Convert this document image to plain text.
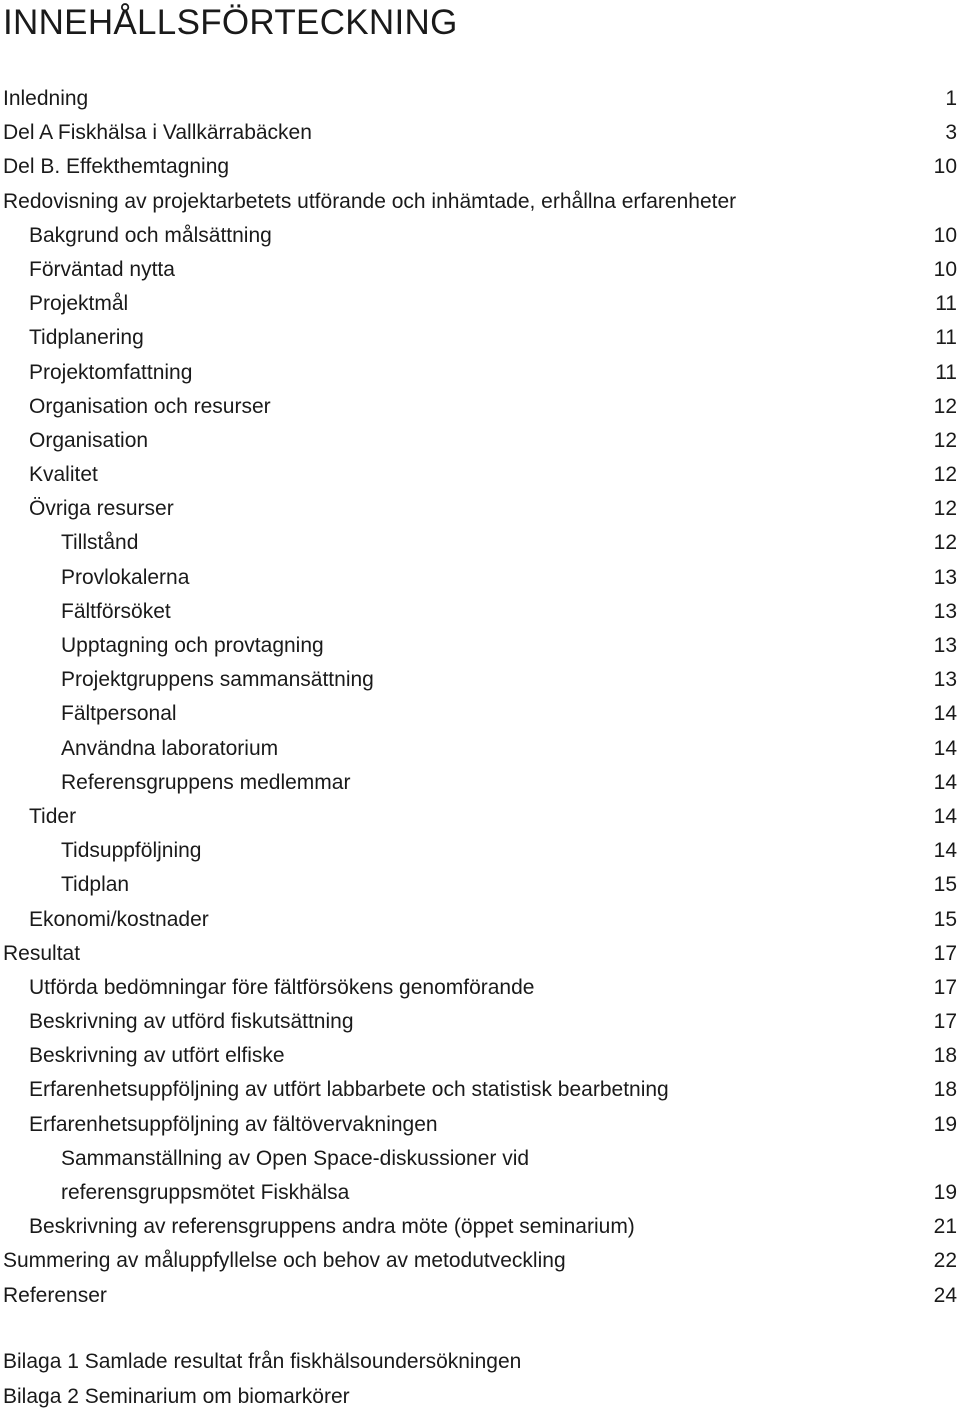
INNEHÅLLSFÖRTECKNING
Inledning	1
Del A Fiskhälsa i Vallkärrabäcken	3
Del B. Effekthemtagning	10
Redovisning av projektarbetets utförande och inhämtade, erhållna erfarenheter
Bakgrund och målsättning	10
Förväntad nytta	10
Projektmål	11
Tidplanering	11
Projektomfattning	11
Organisation och resurser	12
Organisation	12
Kvalitet	12
Övriga resurser	12
Tillstånd	12
Provlokalerna	13
Fältförsöket	13
Upptagning och provtagning	13
Projektgruppens sammansättning	13
Fältpersonal	14
Användna laboratorium	14
Referensgruppens medlemmar	14
Tider	14
Tidsuppföljning	14
Tidplan	15
Ekonomi/kostnader	15
Resultat	17
Utförda bedömningar före fältförsökens genomförande	17
Beskrivning av utförd fiskutsättning	17
Beskrivning av utfört elfiske	18
Erfarenhetsuppföljning av utfört labbarbete och statistisk bearbetning	18
Erfarenhetsuppföljning av fältövervakningen	19
Sammanställning av Open Space-diskussioner vid
referensgruppsmötet Fiskhälsa	19
Beskrivning av referensgruppens andra möte (öppet seminarium)	21
Summering av måluppfyllelse och behov av metodutveckling	22
Referenser	24
Bilaga 1 Samlade resultat från fiskhälsoundersökningen
Bilaga 2 Seminarium om biomarkörer
